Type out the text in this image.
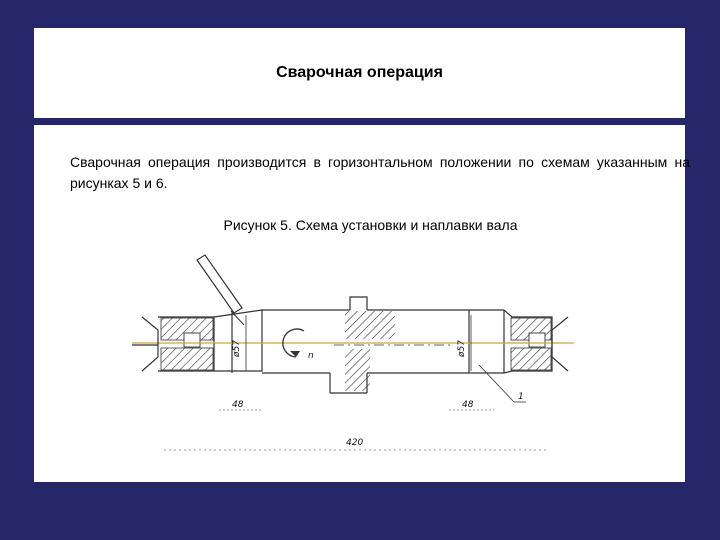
Сварочная операция
Сварочная операция производится в горизонтальном положении по схемам указанным на рисунках 5 и 6.
Рисунок 5. Схема установки и наплавки вала
n
ø57	ø57
1
48	48
420
